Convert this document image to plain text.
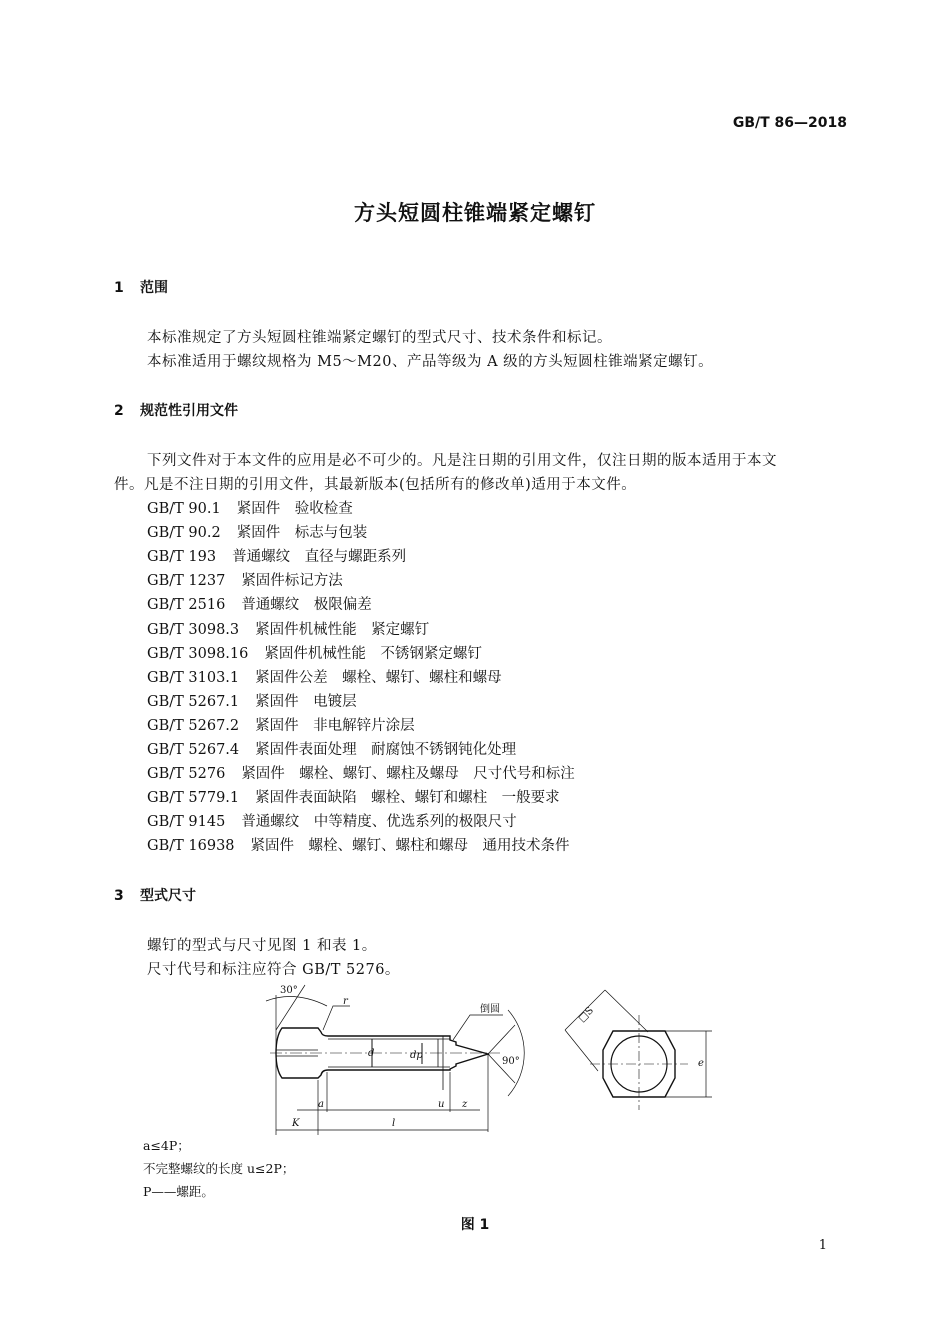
GB/T 86—2018
方头短圆柱锥端紧定螺钉
1 范围
本标准规定了方头短圆柱锥端紧定螺钉的型式尺寸、技术条件和标记。
本标准适用于螺纹规格为 M5～M20、产品等级为 A 级的方头短圆柱锥端紧定螺钉。
2 规范性引用文件
下列文件对于本文件的应用是必不可少的。凡是注日期的引用文件，仅注日期的版本适用于本文
件。凡是不注日期的引用文件，其最新版本(包括所有的修改单)适用于本文件。
GB/T 90.1 紧固件　验收检查
GB/T 90.2 紧固件　标志与包装
GB/T 193 普通螺纹　直径与螺距系列
GB/T 1237 紧固件标记方法
GB/T 2516 普通螺纹　极限偏差
GB/T 3098.3 紧固件机械性能　紧定螺钉
GB/T 3098.16 紧固件机械性能　不锈钢紧定螺钉
GB/T 3103.1 紧固件公差　螺栓、螺钉、螺柱和螺母
GB/T 5267.1 紧固件　电镀层
GB/T 5267.2 紧固件　非电解锌片涂层
GB/T 5267.4 紧固件表面处理　耐腐蚀不锈钢钝化处理
GB/T 5276 紧固件　螺栓、螺钉、螺柱及螺母　尺寸代号和标注
GB/T 5779.1 紧固件表面缺陷　螺栓、螺钉和螺柱　一般要求
GB/T 9145 普通螺纹　中等精度、优选系列的极限尺寸
GB/T 16938 紧固件　螺栓、螺钉、螺柱和螺母　通用技术条件
3 型式尺寸
螺钉的型式与尺寸见图 1 和表 1。
尺寸代号和标注应符合 GB/T 5276。
30°
r
倒圆
90°
d	dp
a	u z
K	l
□S
e
a≤4P；
不完整螺纹的长度 u≤2P；
P——螺距。
图 1
1
